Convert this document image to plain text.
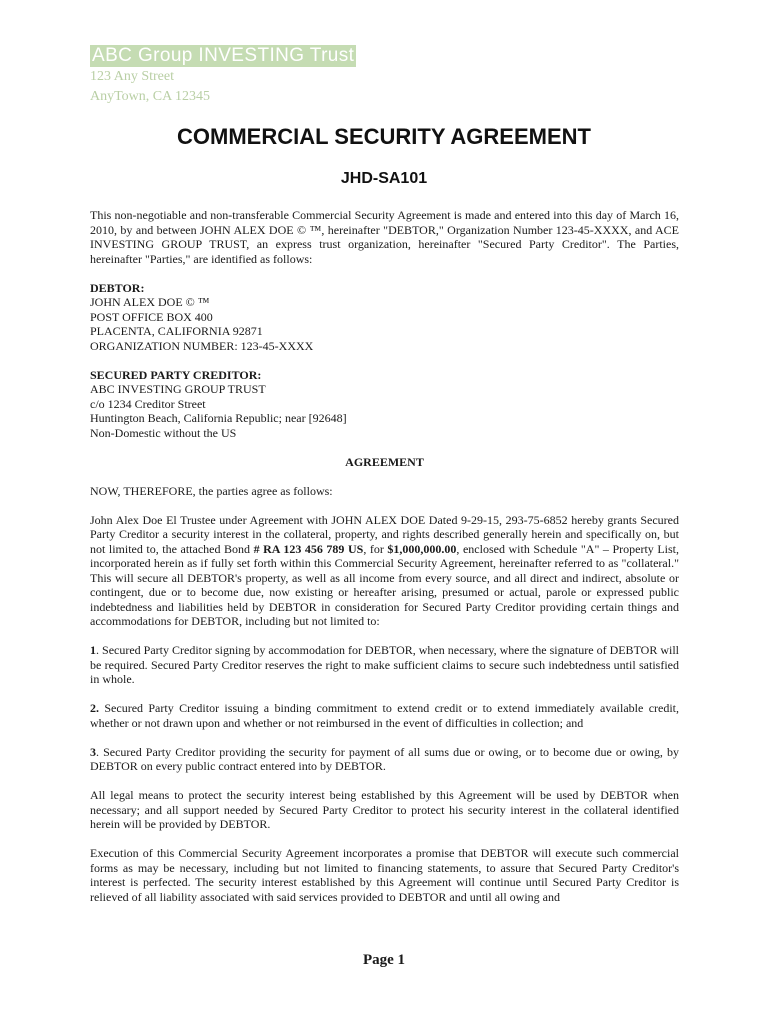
ABC Group INVESTING Trust
123 Any Street
AnyTown, CA 12345
COMMERCIAL SECURITY AGREEMENT
JHD-SA101

This non-negotiable and non-transferable Commercial Security Agreement is made and entered into this day of March 16, 2010, by and between JOHN ALEX DOE © ™, hereinafter "DEBTOR," Organization Number 123-45-XXXX, and ACE INVESTING GROUP TRUST, an express trust organization, hereinafter "Secured Party Creditor". The Parties, hereinafter "Parties," are identified as follows:

DEBTOR:
JOHN ALEX DOE © ™
POST OFFICE BOX 400
PLACENTA, CALIFORNIA 92871
ORGANIZATION NUMBER: 123-45-XXXX
SECURED PARTY CREDITOR:
ABC INVESTING GROUP TRUST
c/o 1234 Creditor Street
Huntington Beach, California Republic; near [92648]
Non-Domestic without the US
AGREEMENT

NOW, THEREFORE, the parties agree as follows:

John Alex Doe El Trustee under Agreement with JOHN ALEX DOE Dated 9-29-15, 293-75-6852 hereby grants Secured Party Creditor a security interest in the collateral, property, and rights described generally herein and specifically on, but not limited to, the attached Bond # RA 123 456 789 US, for $1,000,000.00, enclosed with Schedule "A" – Property List, incorporated herein as if fully set forth within this Commercial Security Agreement, hereinafter referred to as "collateral." This will secure all DEBTOR's property, as well as all income from every source, and all direct and indirect, absolute or contingent, due or to become due, now existing or hereafter arising, presumed or actual, parole or expressed public indebtedness and liabilities held by DEBTOR in consideration for Secured Party Creditor providing certain things and accommodations for DEBTOR, including but not limited to:

1. Secured Party Creditor signing by accommodation for DEBTOR, when necessary, where the signature of DEBTOR will be required. Secured Party Creditor reserves the right to make sufficient claims to secure such indebtedness until satisfied in whole.

2. Secured Party Creditor issuing a binding commitment to extend credit or to extend immediately available credit, whether or not drawn upon and whether or not reimbursed in the event of difficulties in collection; and

3. Secured Party Creditor providing the security for payment of all sums due or owing, or to become due or owing, by DEBTOR on every public contract entered into by DEBTOR.

All legal means to protect the security interest being established by this Agreement will be used by DEBTOR when necessary; and all support needed by Secured Party Creditor to protect his security interest in the collateral identified herein will be provided by DEBTOR.

Execution of this Commercial Security Agreement incorporates a promise that DEBTOR will execute such commercial forms as may be necessary, including but not limited to financing statements, to assure that Secured Party Creditor's interest is perfected. The security interest established by this Agreement will continue until Secured Party Creditor is relieved of all liability associated with said services provided to DEBTOR and until all owing and

Page 1
